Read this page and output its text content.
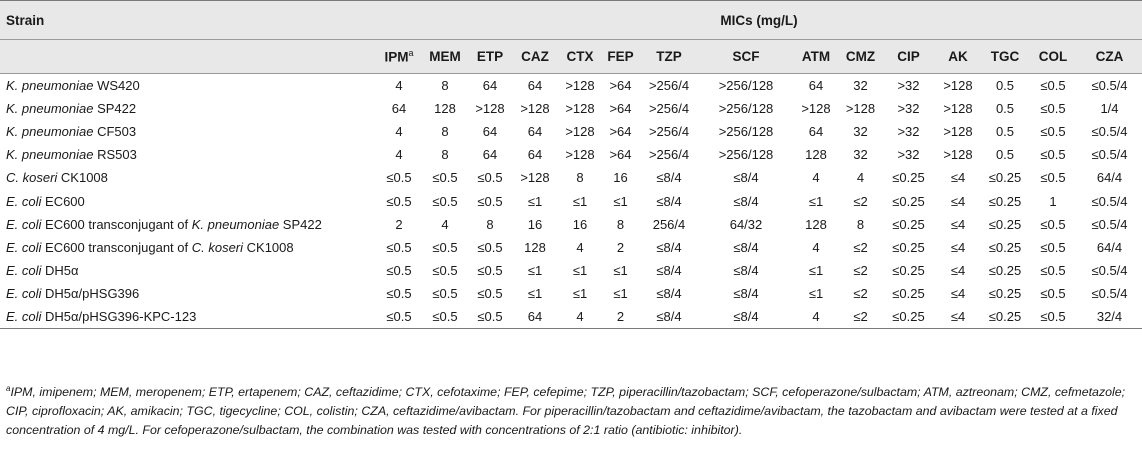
Strain	MICs (mg/L)														
	IPM$^a$	MEM	ETP	CAZ	CTX	FEP	TZP	SCF	ATM	CMZ	CIP	AK	TGC	COL	CZA
K. pneumoniae WS420	4	8	64	64	>128	>64	>256/4	>256/128	64	32	>32	>128	0.5	≤0.5	≤0.5/4
K. pneumoniae SP422	64	128	>128	>128	>128	>64	>256/4	>256/128	>128	>128	>32	>128	0.5	≤0.5	1/4
K. pneumoniae CF503	4	8	64	64	>128	>64	>256/4	>256/128	64	32	>32	>128	0.5	≤0.5	≤0.5/4
K. pneumoniae RS503	4	8	64	64	>128	>64	>256/4	>256/128	128	32	>32	>128	0.5	≤0.5	≤0.5/4
C. koseri CK1008	≤0.5	≤0.5	≤0.5	>128	8	16	≤8/4	≤8/4	4	4	≤0.25	≤4	≤0.25	≤0.5	64/4
E. coli EC600	≤0.5	≤0.5	≤0.5	≤1	≤1	≤1	≤8/4	≤8/4	≤1	≤2	≤0.25	≤4	≤0.25	1	≤0.5/4
E. coli EC600 transconjugant of K. pneumoniae SP422	2	4	8	16	16	8	256/4	64/32	128	8	≤0.25	≤4	≤0.25	≤0.5	≤0.5/4
E. coli EC600 transconjugant of C. koseri CK1008	≤0.5	≤0.5	≤0.5	128	4	2	≤8/4	≤8/4	4	≤2	≤0.25	≤4	≤0.25	≤0.5	64/4
E. coli DH5α	≤0.5	≤0.5	≤0.5	≤1	≤1	≤1	≤8/4	≤8/4	≤1	≤2	≤0.25	≤4	≤0.25	≤0.5	≤0.5/4
E. coli DH5α/pHSG396	≤0.5	≤0.5	≤0.5	≤1	≤1	≤1	≤8/4	≤8/4	≤1	≤2	≤0.25	≤4	≤0.25	≤0.5	≤0.5/4
E. coli DH5α/pHSG396-KPC-123	≤0.5	≤0.5	≤0.5	64	4	2	≤8/4	≤8/4	4	≤2	≤0.25	≤4	≤0.25	≤0.5	32/4
$^a$IPM, imipenem; MEM, meropenem; ETP, ertapenem; CAZ, ceftazidime; CTX, cefotaxime; FEP, cefepime; TZP, piperacillin/tazobactam; SCF, cefoperazone/sulbactam; ATM, aztreonam; CMZ, cefmetazole; CIP, ciprofloxacin; AK, amikacin; TGC, tigecycline; COL, colistin; CZA, ceftazidime/avibactam. For piperacillin/tazobactam and ceftazidime/avibactam, the tazobactam and avibactam were tested at a fixed concentration of 4 mg/L. For cefoperazone/sulbactam, the combination was tested with concentrations of 2:1 ratio (antibiotic: inhibitor).
